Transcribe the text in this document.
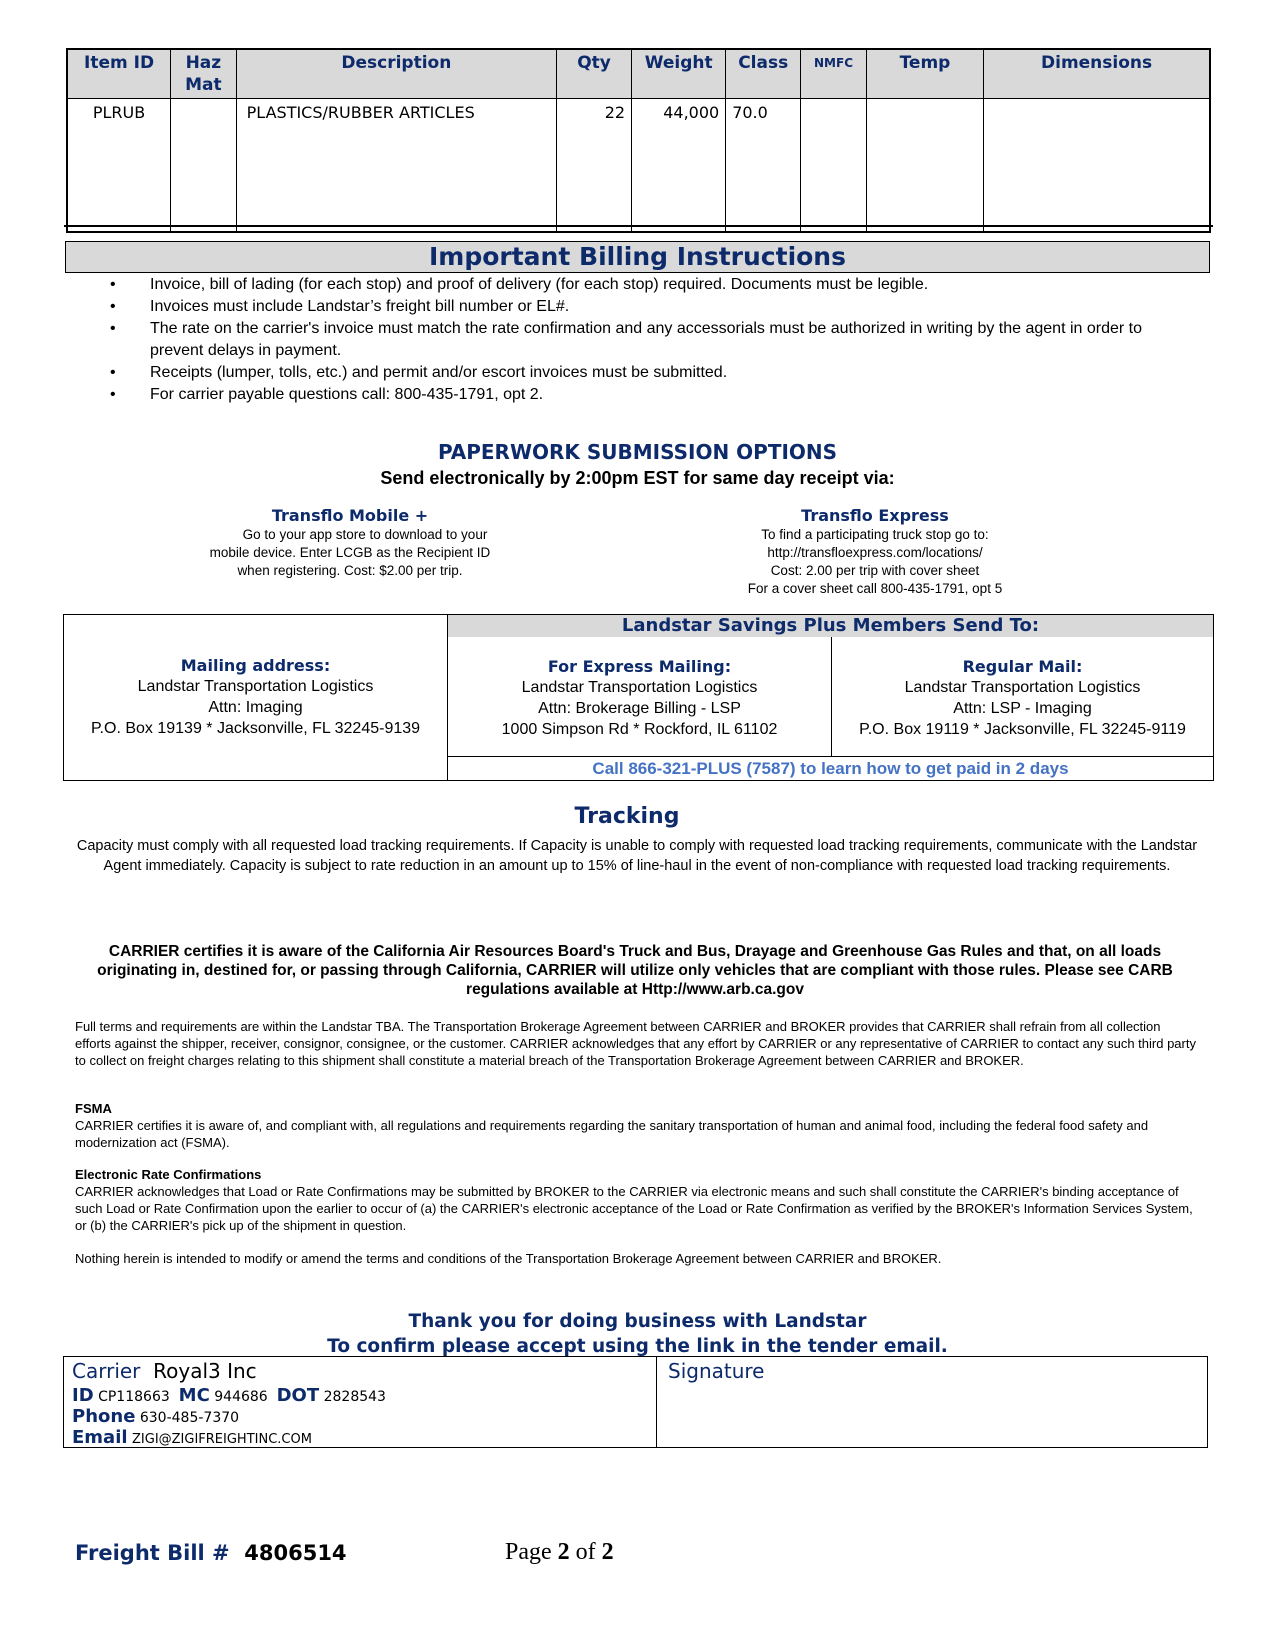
Item ID	Haz Mat	Description	Qty	Weight	Class	NMFC	Temp	Dimensions
PLRUB		PLASTICS/RUBBER ARTICLES	22	44,000	70.0			
Important Billing Instructions
• Invoice, bill of lading (for each stop) and proof of delivery (for each stop) required. Documents must be legible.
• Invoices must include Landstar’s freight bill number or EL#.
• The rate on the carrier's invoice must match the rate confirmation and any accessorials must be authorized in writing by the agent in order to prevent delays in payment.
• Receipts (lumper, tolls, etc.) and permit and/or escort invoices must be submitted.
• For carrier payable questions call: 800-435-1791, opt 2.
PAPERWORK SUBMISSION OPTIONS
Send electronically by 2:00pm EST for same day receipt via:
Transflo Mobile +
Go to your app store to download to your
mobile device. Enter LCGB as the Recipient ID
when registering. Cost: $2.00 per trip.
Transflo Express
To find a participating truck stop go to:
http://transfloexpress.com/locations/
Cost: 2.00 per trip with cover sheet
For a cover sheet call 800-435-1791, opt 5
Mailing address:
Landstar Transportation Logistics
Attn: Imaging
P.O. Box 19139 * Jacksonville, FL 32245-9139
Landstar Savings Plus Members Send To:
For Express Mailing:
Landstar Transportation Logistics
Attn: Brokerage Billing - LSP
1000 Simpson Rd * Rockford, IL 61102
Regular Mail:
Landstar Transportation Logistics
Attn: LSP - Imaging
P.O. Box 19119 * Jacksonville, FL 32245-9119
Call 866-321-PLUS (7587) to learn how to get paid in 2 days
Tracking
Capacity must comply with all requested load tracking requirements. If Capacity is unable to comply with requested load tracking requirements, communicate with the Landstar Agent immediately. Capacity is subject to rate reduction in an amount up to 15% of line-haul in the event of non-compliance with requested load tracking requirements.
CARRIER certifies it is aware of the California Air Resources Board's Truck and Bus, Drayage and Greenhouse Gas Rules and that, on all loads originating in, destined for, or passing through California, CARRIER will utilize only vehicles that are compliant with those rules. Please see CARB regulations available at Http://www.arb.ca.gov
Full terms and requirements are within the Landstar TBA. The Transportation Brokerage Agreement between CARRIER and BROKER provides that CARRIER shall refrain from all collection efforts against the shipper, receiver, consignor, consignee, or the customer. CARRIER acknowledges that any effort by CARRIER or any representative of CARRIER to contact any such third party to collect on freight charges relating to this shipment shall constitute a material breach of the Transportation Brokerage Agreement between CARRIER and BROKER.
FSMA
CARRIER certifies it is aware of, and compliant with, all regulations and requirements regarding the sanitary transportation of human and animal food, including the federal food safety and modernization act (FSMA).
Electronic Rate Confirmations
CARRIER acknowledges that Load or Rate Confirmations may be submitted by BROKER to the CARRIER via electronic means and such shall constitute the CARRIER's binding acceptance of such Load or Rate Confirmation upon the earlier to occur of (a) the CARRIER's electronic acceptance of the Load or Rate Confirmation as verified by the BROKER's Information Services System, or (b) the CARRIER's pick up of the shipment in question.
Nothing herein is intended to modify or amend the terms and conditions of the Transportation Brokerage Agreement between CARRIER and BROKER.
Thank you for doing business with Landstar
To confirm please accept using the link in the tender email.
Carrier Royal3 Inc
ID CP118663 MC 944686 DOT 2828543
Phone 630-485-7370
Email ZIGI@ZIGIFREIGHTINC.COM
Signature
Freight Bill # 4806514	Page 2 of 2
